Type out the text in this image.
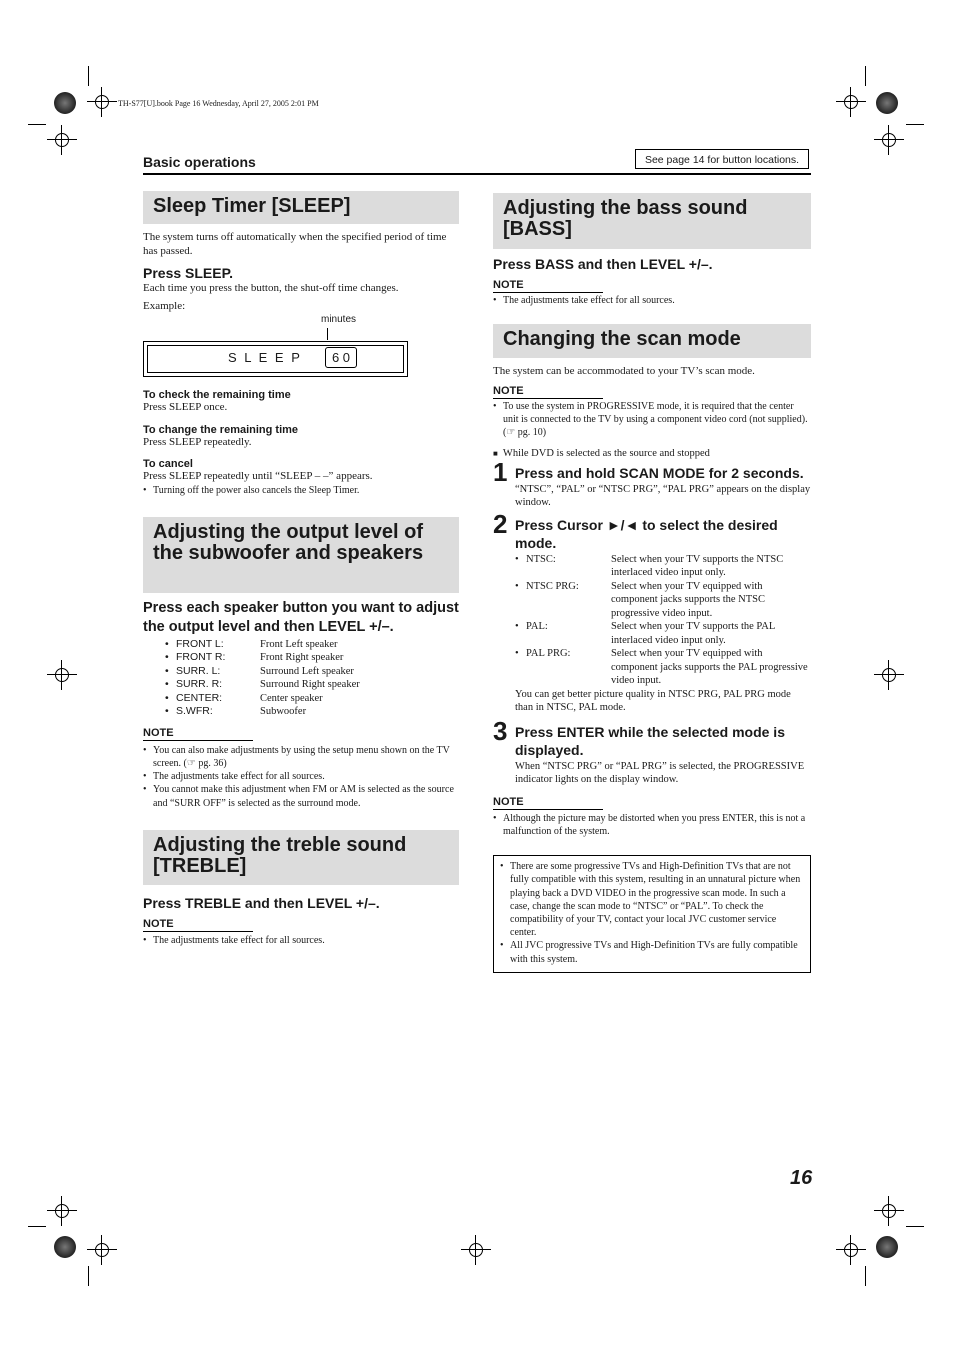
TH-S77[U].book Page 16 Wednesday, April 27, 2005 2:01 PM
Basic operations	See page 14 for button locations.
Sleep Timer [SLEEP]
The system turns off automatically when the specified period of time has passed.
Press SLEEP.
Each time you press the button, the shut-off time changes.
Example:
minutes
S L E E P	6 0
To check the remaining time
Press SLEEP once.
To change the remaining time
Press SLEEP repeatedly.
To cancel
Press SLEEP repeatedly until “SLEEP – –” appears.
• Turning off the power also cancels the Sleep Timer.
Adjusting the output level of the subwoofer and speakers
Press each speaker button you want to adjust the output level and then LEVEL +/–.
• FRONT L:	Front Left speaker
• FRONT R:	Front Right speaker
• SURR. L:	Surround Left speaker
• SURR. R:	Surround Right speaker
• CENTER:	Center speaker
• S.WFR:	Subwoofer
NOTE
• You can also make adjustments by using the setup menu shown on the TV screen. (☞ pg. 36)
• The adjustments take effect for all sources.
• You cannot make this adjustment when FM or AM is selected as the source and “SURR OFF” is selected as the surround mode.
Adjusting the treble sound [TREBLE]
Press TREBLE and then LEVEL +/–.
NOTE
• The adjustments take effect for all sources.
Adjusting the bass sound [BASS]
Press BASS and then LEVEL +/–.
NOTE
• The adjustments take effect for all sources.
Changing the scan mode
The system can be accommodated to your TV’s scan mode.
NOTE
• To use the system in PROGRESSIVE mode, it is required that the center unit is connected to the TV by using a component video cord (not supplied). (☞ pg. 10)
■ While DVD is selected as the source and stopped
1 Press and hold SCAN MODE for 2 seconds.
“NTSC”, “PAL” or “NTSC PRG”, “PAL PRG” appears on the display window.
2 Press Cursor ►/◄ to select the desired mode.
• NTSC:	Select when your TV supports the NTSC interlaced video input only.
• NTSC PRG:	Select when your TV equipped with component jacks supports the NTSC progressive video input.
• PAL:	Select when your TV supports the PAL interlaced video input only.
• PAL PRG:	Select when your TV equipped with component jacks supports the PAL progressive video input.
You can get better picture quality in NTSC PRG, PAL PRG mode than in NTSC, PAL mode.
3 Press ENTER while the selected mode is displayed.
When “NTSC PRG” or “PAL PRG” is selected, the PROGRESSIVE indicator lights on the display window.
NOTE
• Although the picture may be distorted when you press ENTER, this is not a malfunction of the system.
• There are some progressive TVs and High-Definition TVs that are not fully compatible with this system, resulting in an unnatural picture when playing back a DVD VIDEO in the progressive scan mode. In such a case, change the scan mode to “NTSC” or “PAL”. To check the compatibility of your TV, contact your local JVC customer service center.
• All JVC progressive TVs and High-Definition TVs are fully compatible with this system.
16
